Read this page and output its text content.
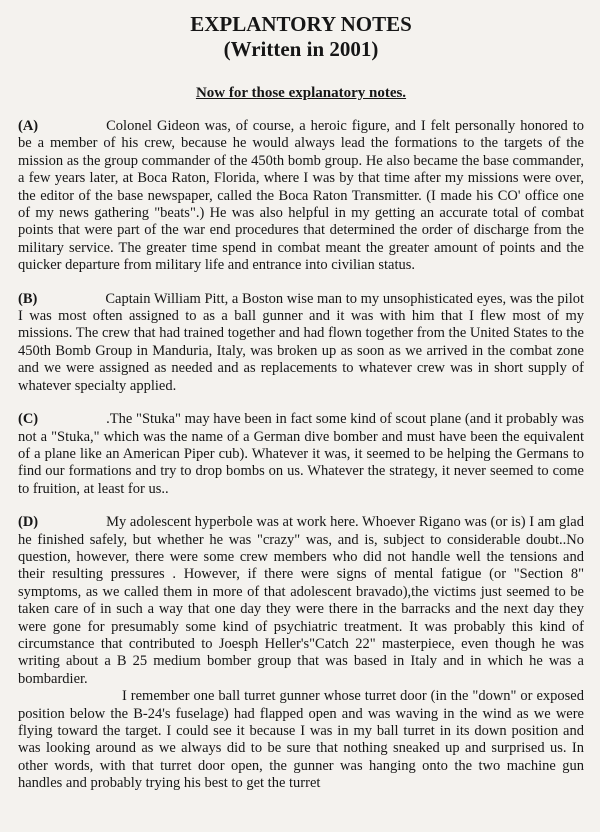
EXPLANTORY NOTES
(Written in 2001)
Now for those explanatory notes.

(A)	Colonel Gideon was, of course, a heroic figure, and I felt personally honored to be a member of his crew, because he would always lead the formations to the targets of the mission as the group commander of the 450th bomb group. He also became the base commander, a few years later, at Boca Raton, Florida, where I was by that time after my missions were over, the editor of the base newspaper, called the Boca Raton Transmitter. (I made his CO' office one of my news gathering "beats".) He was also helpful in my getting an accurate total of combat points that were part of the war end procedures that determined the order of discharge from the military service. The greater time spend in combat meant the greater amount of points and the quicker departure from military life and entrance into civilian status.

(B)	Captain William Pitt, a Boston wise man to my unsophisticated eyes, was the pilot I was most often assigned to as a ball gunner and it was with him that I flew most of my missions. The crew that had trained together and had flown together from the United States to the 450th Bomb Group in Manduria, Italy, was broken up as soon as we arrived in the combat zone and we were assigned as needed and as replacements to whatever crew was in short supply of whatever specialty applied.

(C)	.The "Stuka" may have been in fact some kind of scout plane (and it probably was not a "Stuka," which was the name of a German dive bomber and must have been the equivalent of a plane like an American Piper cub). Whatever it was, it seemed to be helping the Germans to find our formations and try to drop bombs on us. Whatever the strategy, it never seemed to come to fruition, at least for us..

(D)	My adolescent hyperbole was at work here. Whoever Rigano was (or is) I am glad he finished safely, but whether he was "crazy" was, and is, subject to considerable doubt..No question, however, there were some crew members who did not handle well the tensions and their resulting pressures . However, if there were signs of mental fatigue (or "Section 8" symptoms, as we called them in more of that adolescent bravado),the victims just seemed to be taken care of in such a way that one day they were there in the barracks and the next day they were gone for presumably some kind of psychiatric treatment. It was probably this kind of circumstance that contributed to Joesph Heller's"Catch 22" masterpiece, even though he was writing about a B 25 medium bomber group that was based in Italy and in which he was a bombardier.

I remember one ball turret gunner whose turret door (in the "down" or exposed position below the B-24's fuselage) had flapped open and was waving in the wind as we were flying toward the target. I could see it because I was in my ball turret in its down position and was looking around as we always did to be sure that nothing sneaked up and surprised us. In other words, with that turret door open, the gunner was hanging onto the two machine gun handles and probably trying his best to get the turret
